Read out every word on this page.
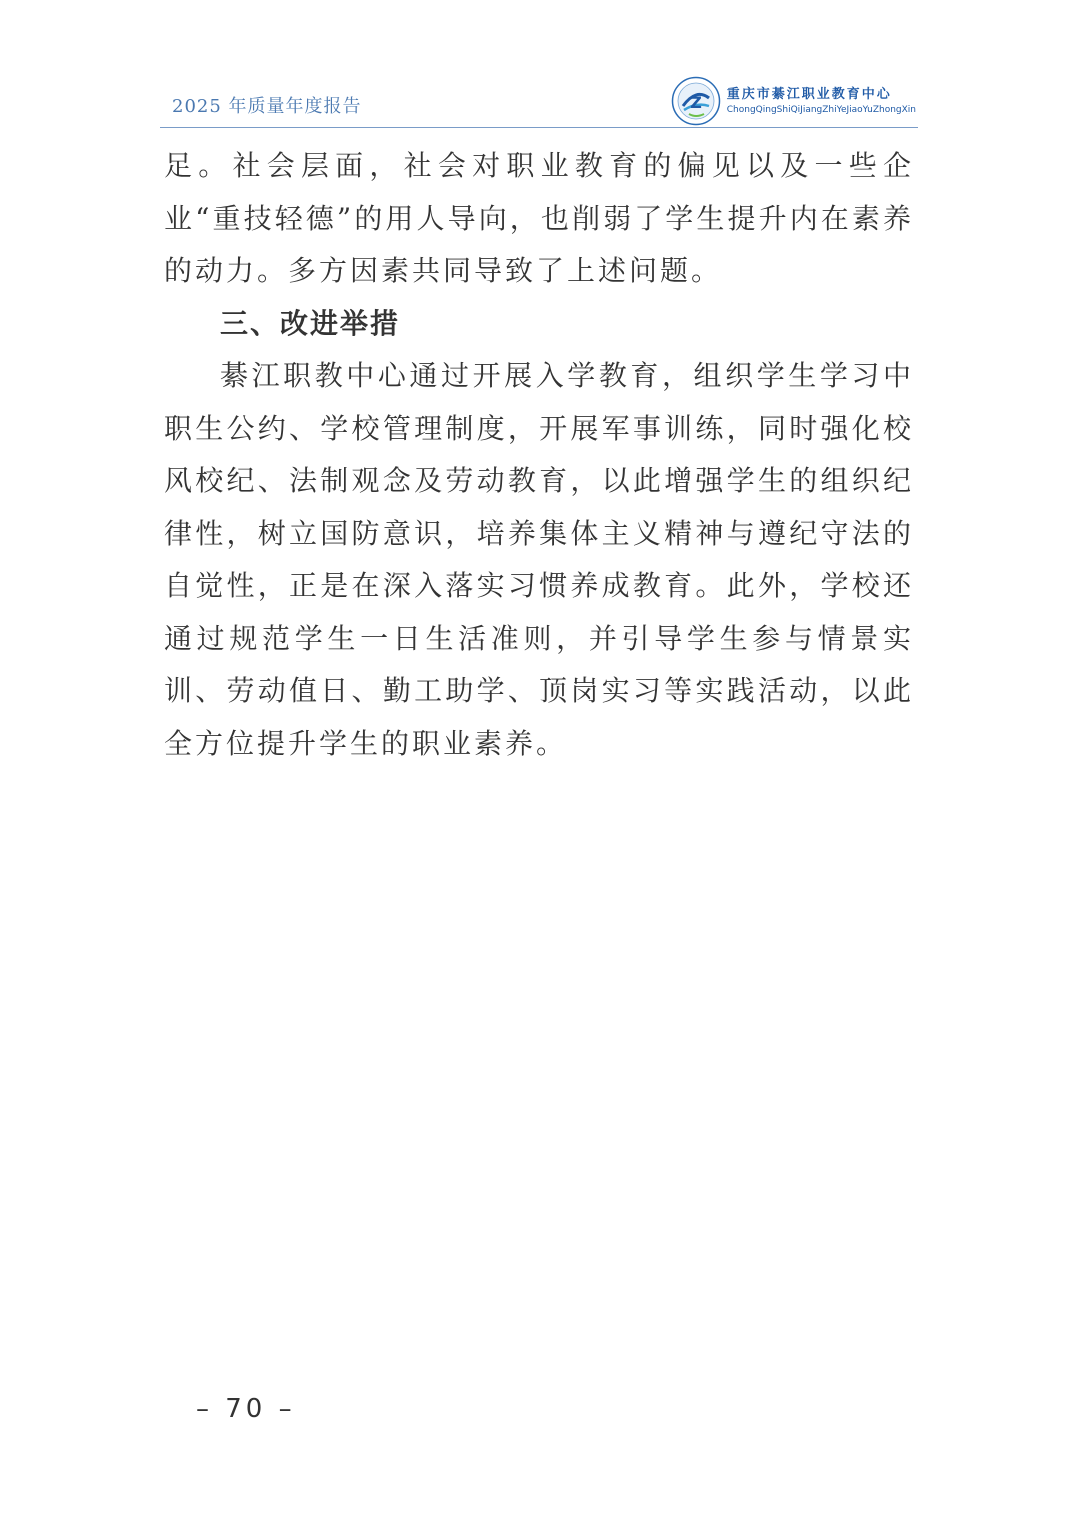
2025 年质量年度报告	Z 重庆市綦江职业教育中心
ChongQingShiQiJiangZhiYeJiaoYuZhongXin

足。社会层面，社会对职业教育的偏见以及一些企业“重技轻德”的用人导向，也削弱了学生提升内在素养的动力。多方因素共同导致了上述问题。

三、改进举措

綦江职教中心通过开展入学教育，组织学生学习中职生公约、学校管理制度，开展军事训练，同时强化校风校纪、法制观念及劳动教育，以此增强学生的组织纪律性，树立国防意识，培养集体主义精神与遵纪守法的自觉性，正是在深入落实习惯养成教育。此外，学校还通过规范学生一日生活准则，并引导学生参与情景实训、劳动值日、勤工助学、顶岗实习等实践活动，以此全方位提升学生的职业素养。

– 70 –
